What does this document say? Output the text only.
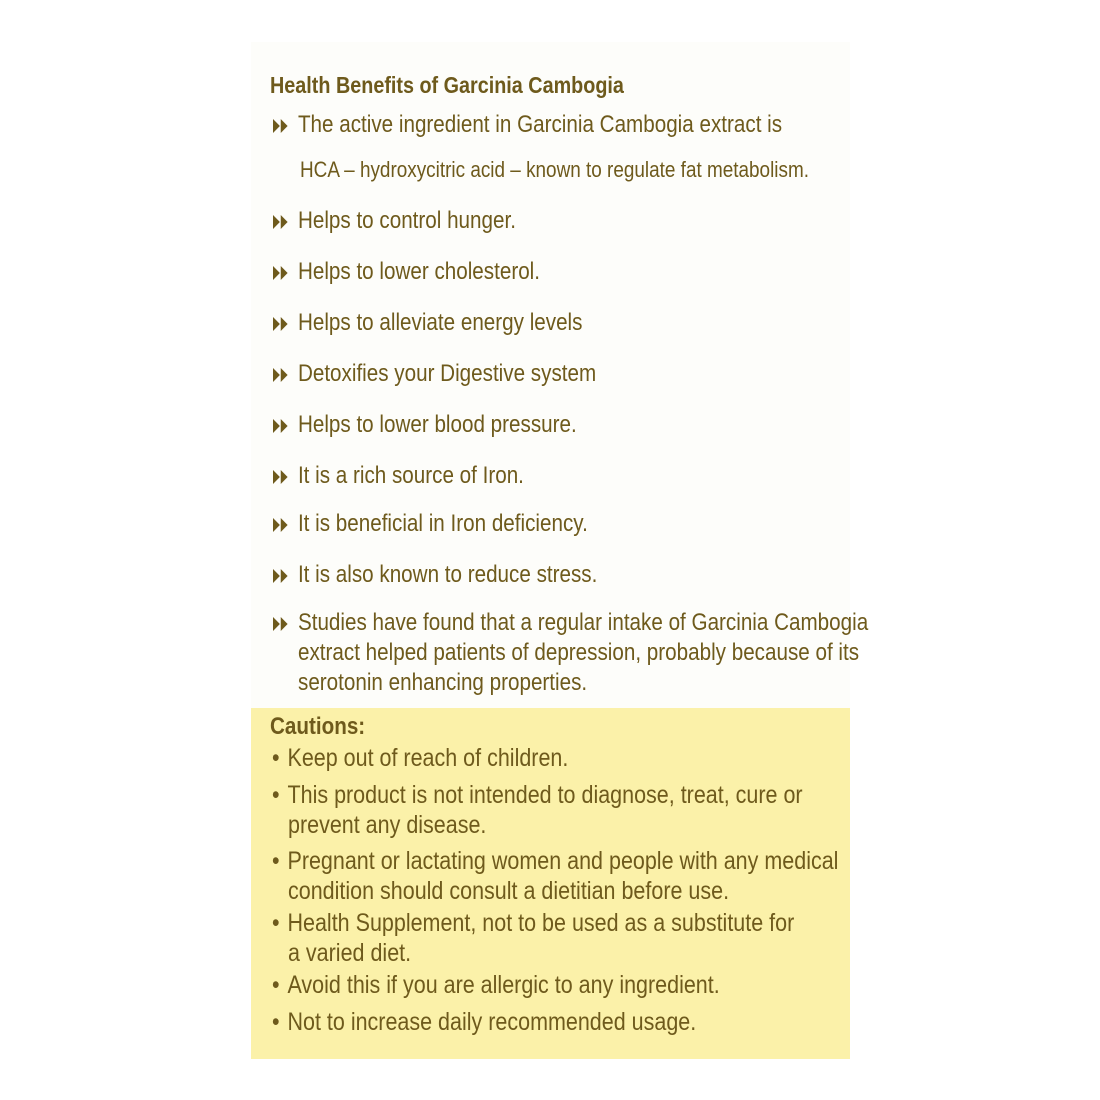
Health Benefits of Garcinia Cambogia
The active ingredient in Garcinia Cambogia extract is
HCA – hydroxycitric acid – known to regulate fat metabolism.
Helps to control hunger.
Helps to lower cholesterol.
Helps to alleviate energy levels
Detoxifies your Digestive system
Helps to lower blood pressure.
It is a rich source of Iron.
It is beneficial in Iron deficiency.
It is also known to reduce stress.
Studies have found that a regular intake of Garcinia Cambogia
extract helped patients of depression, probably because of its
serotonin enhancing properties.
Cautions:
• Keep out of reach of children.
• This product is not intended to diagnose, treat, cure or
prevent any disease.
• Pregnant or lactating women and people with any medical
condition should consult a dietitian before use.
• Health Supplement, not to be used as a substitute for
a varied diet.
• Avoid this if you are allergic to any ingredient.
• Not to increase daily recommended usage.
